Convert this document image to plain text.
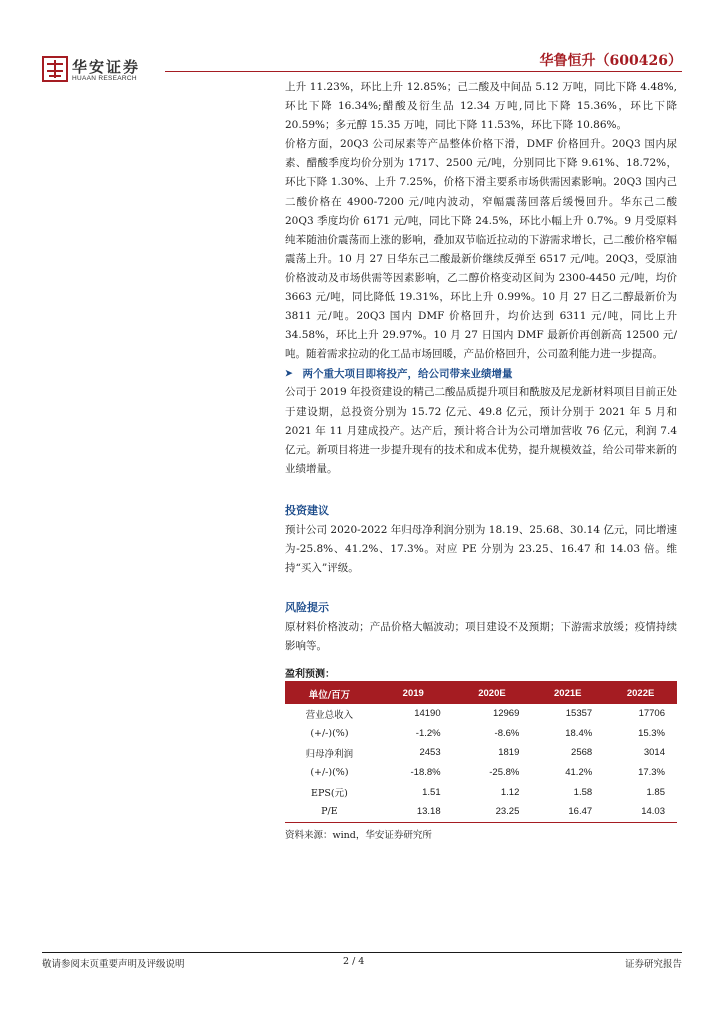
华安证券
HUAAN RESEARCH
华鲁恒升（600426）

上升 11.23%，环比上升 12.85%；己二酸及中间品 5.12 万吨，同比下降 4.48%,环比下降 16.34%;醋酸及衍生品 12.34 万吨,同比下降 15.36%，环比下降 20.59%；多元醇 15.35 万吨，同比下降 11.53%，环比下降 10.86%。

价格方面，20Q3 公司尿素等产品整体价格下滑，DMF 价格回升。20Q3 国内尿素、醋酸季度均价分别为 1717、2500 元/吨，分别同比下降 9.61%、18.72%，环比下降 1.30%、上升 7.25%，价格下滑主要系市场供需因素影响。20Q3 国内己二酸价格在 4900-7200 元/吨内波动，窄幅震荡回落后缓慢回升。华东己二酸 20Q3 季度均价 6171 元/吨，同比下降 24.5%，环比小幅上升 0.7%。9 月受原料纯苯随油价震荡而上涨的影响，叠加双节临近拉动的下游需求增长，己二酸价格窄幅震荡上升。10 月 27 日华东己二酸最新价继续反弹至 6517 元/吨。20Q3，受原油价格波动及市场供需等因素影响，乙二醇价格变动区间为 2300-4450 元/吨，均价 3663 元/吨，同比降低 19.31%，环比上升 0.99%。10 月 27 日乙二醇最新价为 3811 元/吨。20Q3 国内 DMF 价格回升，均价达到 6311 元/吨，同比上升 34.58%，环比上升 29.97%。10 月 27 日国内 DMF 最新价再创新高 12500 元/吨。随着需求拉动的化工品市场回暖，产品价格回升，公司盈利能力进一步提高。

➤ 两个重大项目即将投产，给公司带来业绩增量

公司于 2019 年投资建设的精己二酸品质提升项目和酰胺及尼龙新材料项目目前正处于建设期，总投资分别为 15.72 亿元、49.8 亿元，预计分别于 2021 年 5 月和 2021 年 11 月建成投产。达产后，预计将合计为公司增加营收 76 亿元，利润 7.4 亿元。新项目将进一步提升现有的技术和成本优势，提升规模效益，给公司带来新的业绩增量。

投资建议

预计公司 2020-2022 年归母净利润分别为 18.19、25.68、30.14 亿元，同比增速为-25.8%、41.2%、17.3%。对应 PE 分别为 23.25、16.47 和 14.03 倍。维持“买入”评级。

风险提示

原材料价格波动；产品价格大幅波动；项目建设不及预期；下游需求放缓；疫情持续影响等。

盈利预测：
单位/百万	2019	2020E	2021E	2022E
营业总收入	14190	12969	15357	17706
(+/-)(%)	-1.2%	-8.6%	18.4%	15.3%
归母净利润	2453	1819	2568	3014
(+/-)(%)	-18.8%	-25.8%	41.2%	17.3%
EPS(元)	1.51	1.12	1.58	1.85
P/E	13.18	23.25	16.47	14.03
资料来源：wind，华安证券研究所
敬请参阅末页重要声明及评级说明	2 / 4	证券研究报告
